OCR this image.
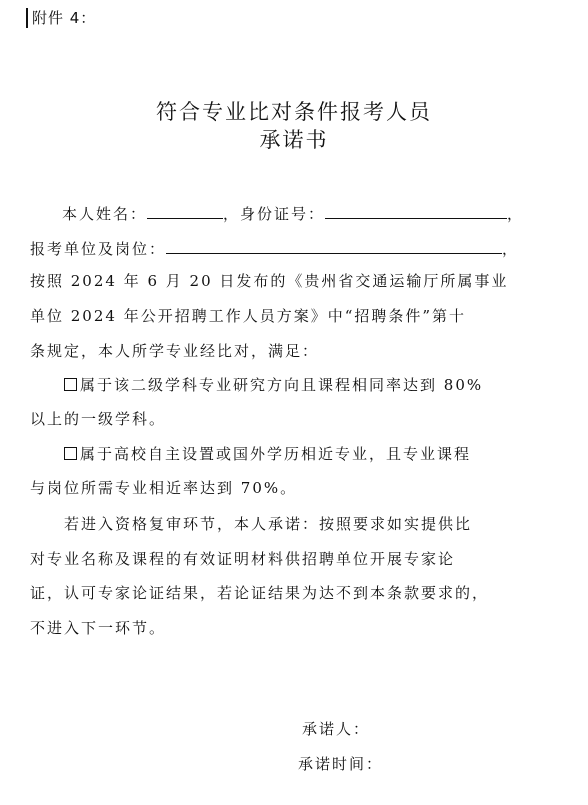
附件 4：
符合专业比对条件报考人员
承诺书
本人姓名：	，身份证号：	，
报考单位及岗位：	，
按照 2024 年 6 月 20 日发布的《贵州省交通运输厅所属事业
单位 2024 年公开招聘工作人员方案》中“招聘条件”第十
条规定，本人所学专业经比对，满足：
属于该二级学科专业研究方向且课程相同率达到 80%
以上的一级学科。
属于高校自主设置或国外学历相近专业，且专业课程
与岗位所需专业相近率达到 70%。
若进入资格复审环节，本人承诺：按照要求如实提供比
对专业名称及课程的有效证明材料供招聘单位开展专家论
证，认可专家论证结果，若论证结果为达不到本条款要求的，
不进入下一环节。
承诺人：
承诺时间：
